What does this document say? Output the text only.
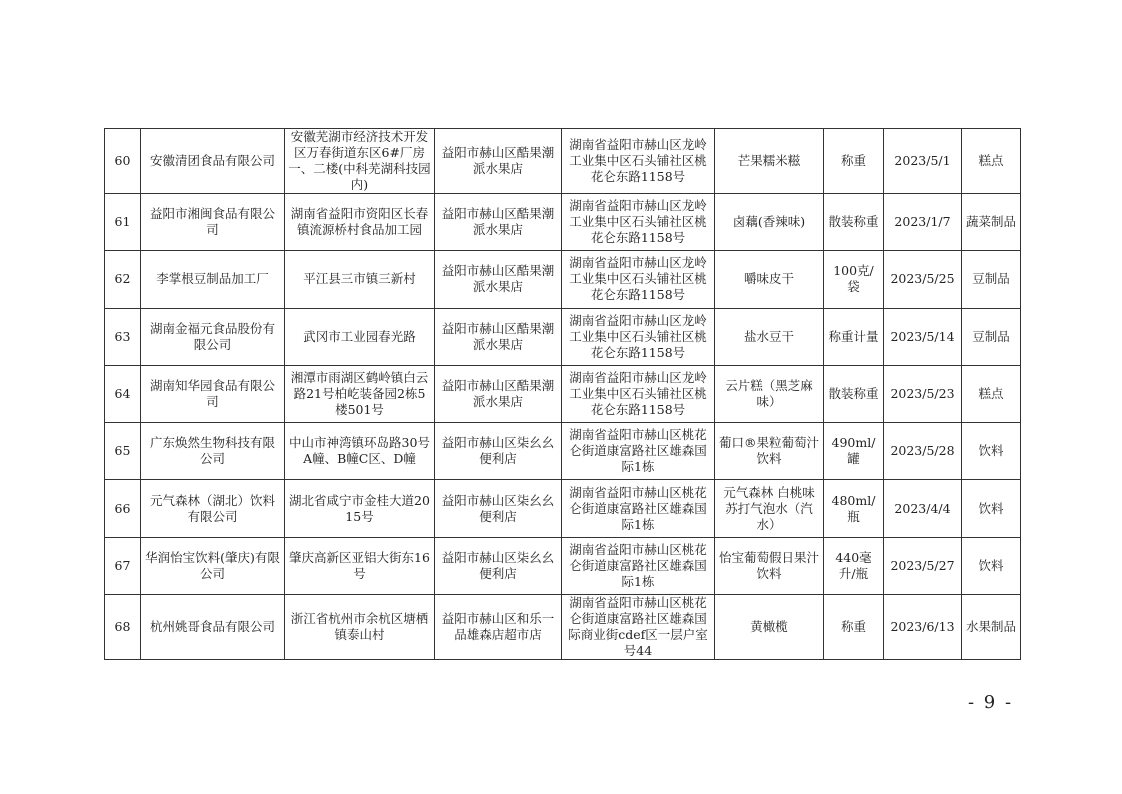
60	安徽清团食品有限公司	安徽芜湖市经济技术开发区万春街道东区6#厂房一、二楼(中科芜湖科技园内)	益阳市赫山区酷果潮派水果店	湖南省益阳市赫山区龙岭工业集中区石头铺社区桃花仑东路1158号	芒果糯米糍	称重	2023/5/1	糕点
61	益阳市湘闽食品有限公司	湖南省益阳市资阳区长春镇流源桥村食品加工园	益阳市赫山区酷果潮派水果店	湖南省益阳市赫山区龙岭工业集中区石头铺社区桃花仑东路1158号	卤藕(香辣味)	散装称重	2023/1/7	蔬菜制品
62	李掌根豆制品加工厂	平江县三市镇三新村	益阳市赫山区酷果潮派水果店	湖南省益阳市赫山区龙岭工业集中区石头铺社区桃花仑东路1158号	嚼味皮干	100克/袋	2023/5/25	豆制品
63	湖南金福元食品股份有限公司	武冈市工业园春光路	益阳市赫山区酷果潮派水果店	湖南省益阳市赫山区龙岭工业集中区石头铺社区桃花仑东路1158号	盐水豆干	称重计量	2023/5/14	豆制品
64	湖南知华园食品有限公司	湘潭市雨湖区鹤岭镇白云路21号柏屹装备园2栋5楼501号	益阳市赫山区酷果潮派水果店	湖南省益阳市赫山区龙岭工业集中区石头铺社区桃花仑东路1158号	云片糕（黑芝麻味）	散装称重	2023/5/23	糕点
65	广东焕然生物科技有限公司	中山市神湾镇环岛路30号A幢、B幢C区、D幢	益阳市赫山区柒幺幺便利店	湖南省益阳市赫山区桃花仑街道康富路社区雄森国际1栋	葡口®果粒葡萄汁饮料	490ml/罐	2023/5/28	饮料
66	元气森林（湖北）饮料有限公司	湖北省咸宁市金桂大道2015号	益阳市赫山区柒幺幺便利店	湖南省益阳市赫山区桃花仑街道康富路社区雄森国际1栋	元气森林 白桃味苏打气泡水（汽水）	480ml/瓶	2023/4/4	饮料
67	华润怡宝饮料(肇庆)有限公司	肇庆高新区亚铝大街东16号	益阳市赫山区柒幺幺便利店	湖南省益阳市赫山区桃花仑街道康富路社区雄森国际1栋	怡宝葡萄假日果汁饮料	440毫升/瓶	2023/5/27	饮料
68	杭州姚哥食品有限公司	浙江省杭州市余杭区塘栖镇泰山村	益阳市赫山区和乐一品雄森店超市店	湖南省益阳市赫山区桃花仑街道康富路社区雄森国际商业街cdef区一层户室号44	黄橄榄	称重	2023/6/13	水果制品
- 9 -
